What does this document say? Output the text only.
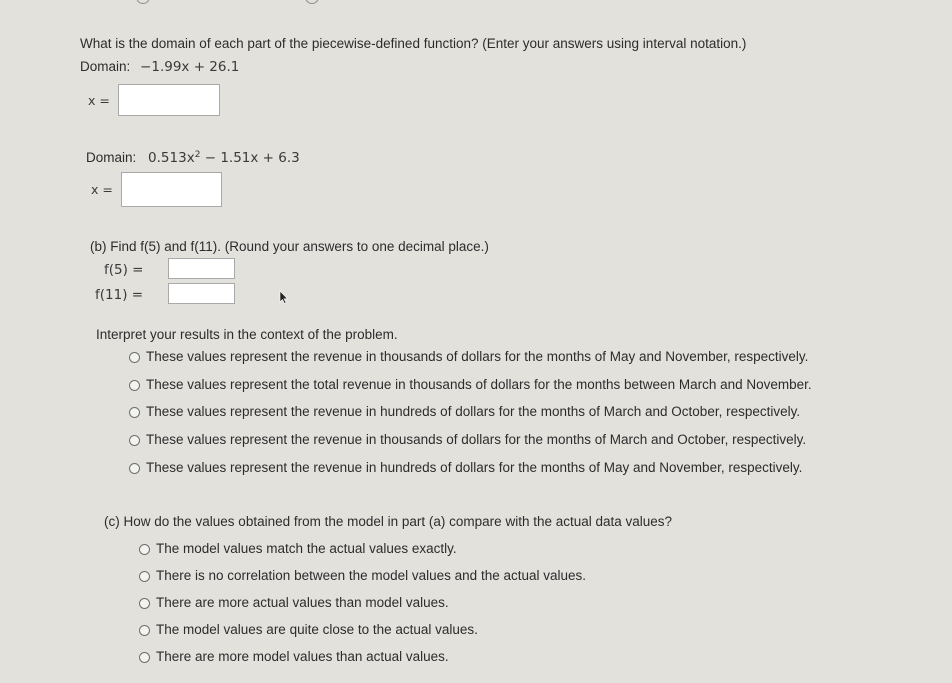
What is the domain of each part of the piecewise-defined function? (Enter your answers using interval notation.)
Domain: −1.99x + 26.1
x =
Domain: $0.513x^2 - 1.51x + 6.3$
x =
(b) Find f(5) and f(11). (Round your answers to one decimal place.)
f(5) =
f(11) =
Interpret your results in the context of the problem.
These values represent the revenue in thousands of dollars for the months of May and November, respectively.
These values represent the total revenue in thousands of dollars for the months between March and November.
These values represent the revenue in hundreds of dollars for the months of March and October, respectively.
These values represent the revenue in thousands of dollars for the months of March and October, respectively.
These values represent the revenue in hundreds of dollars for the months of May and November, respectively.
(c) How do the values obtained from the model in part (a) compare with the actual data values?
The model values match the actual values exactly.
There is no correlation between the model values and the actual values.
There are more actual values than model values.
The model values are quite close to the actual values.
There are more model values than actual values.
